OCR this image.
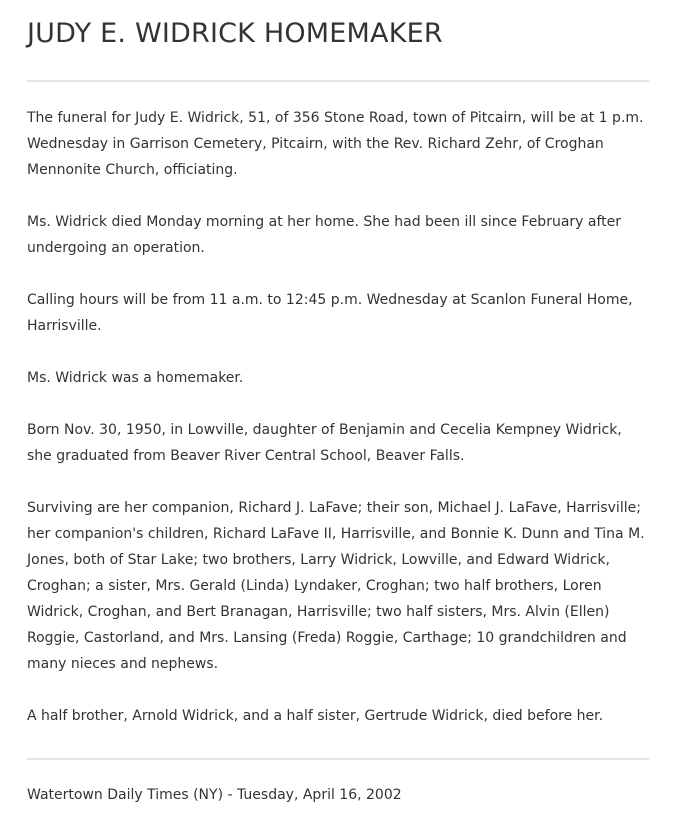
JUDY E. WIDRICK HOMEMAKER

The funeral for Judy E. Widrick, 51, of 356 Stone Road, town of Pitcairn, will be at 1 p.m. Wednesday in Garrison Cemetery, Pitcairn, with the Rev. Richard Zehr, of Croghan Mennonite Church, officiating.

Ms. Widrick died Monday morning at her home. She had been ill since February after undergoing an operation.

Calling hours will be from 11 a.m. to 12:45 p.m. Wednesday at Scanlon Funeral Home, Harrisville.

Ms. Widrick was a homemaker.

Born Nov. 30, 1950, in Lowville, daughter of Benjamin and Cecelia Kempney Widrick, she graduated from Beaver River Central School, Beaver Falls.

Surviving are her companion, Richard J. LaFave; their son, Michael J. LaFave, Harrisville; her companion's children, Richard LaFave II, Harrisville, and Bonnie K. Dunn and Tina M. Jones, both of Star Lake; two brothers, Larry Widrick, Lowville, and Edward Widrick, Croghan; a sister, Mrs. Gerald (Linda) Lyndaker, Croghan; two half brothers, Loren Widrick, Croghan, and Bert Branagan, Harrisville; two half sisters, Mrs. Alvin (Ellen) Roggie, Castorland, and Mrs. Lansing (Freda) Roggie, Carthage; 10 grandchildren and many nieces and nephews.

A half brother, Arnold Widrick, and a half sister, Gertrude Widrick, died before her.

Watertown Daily Times (NY) - Tuesday, April 16, 2002
